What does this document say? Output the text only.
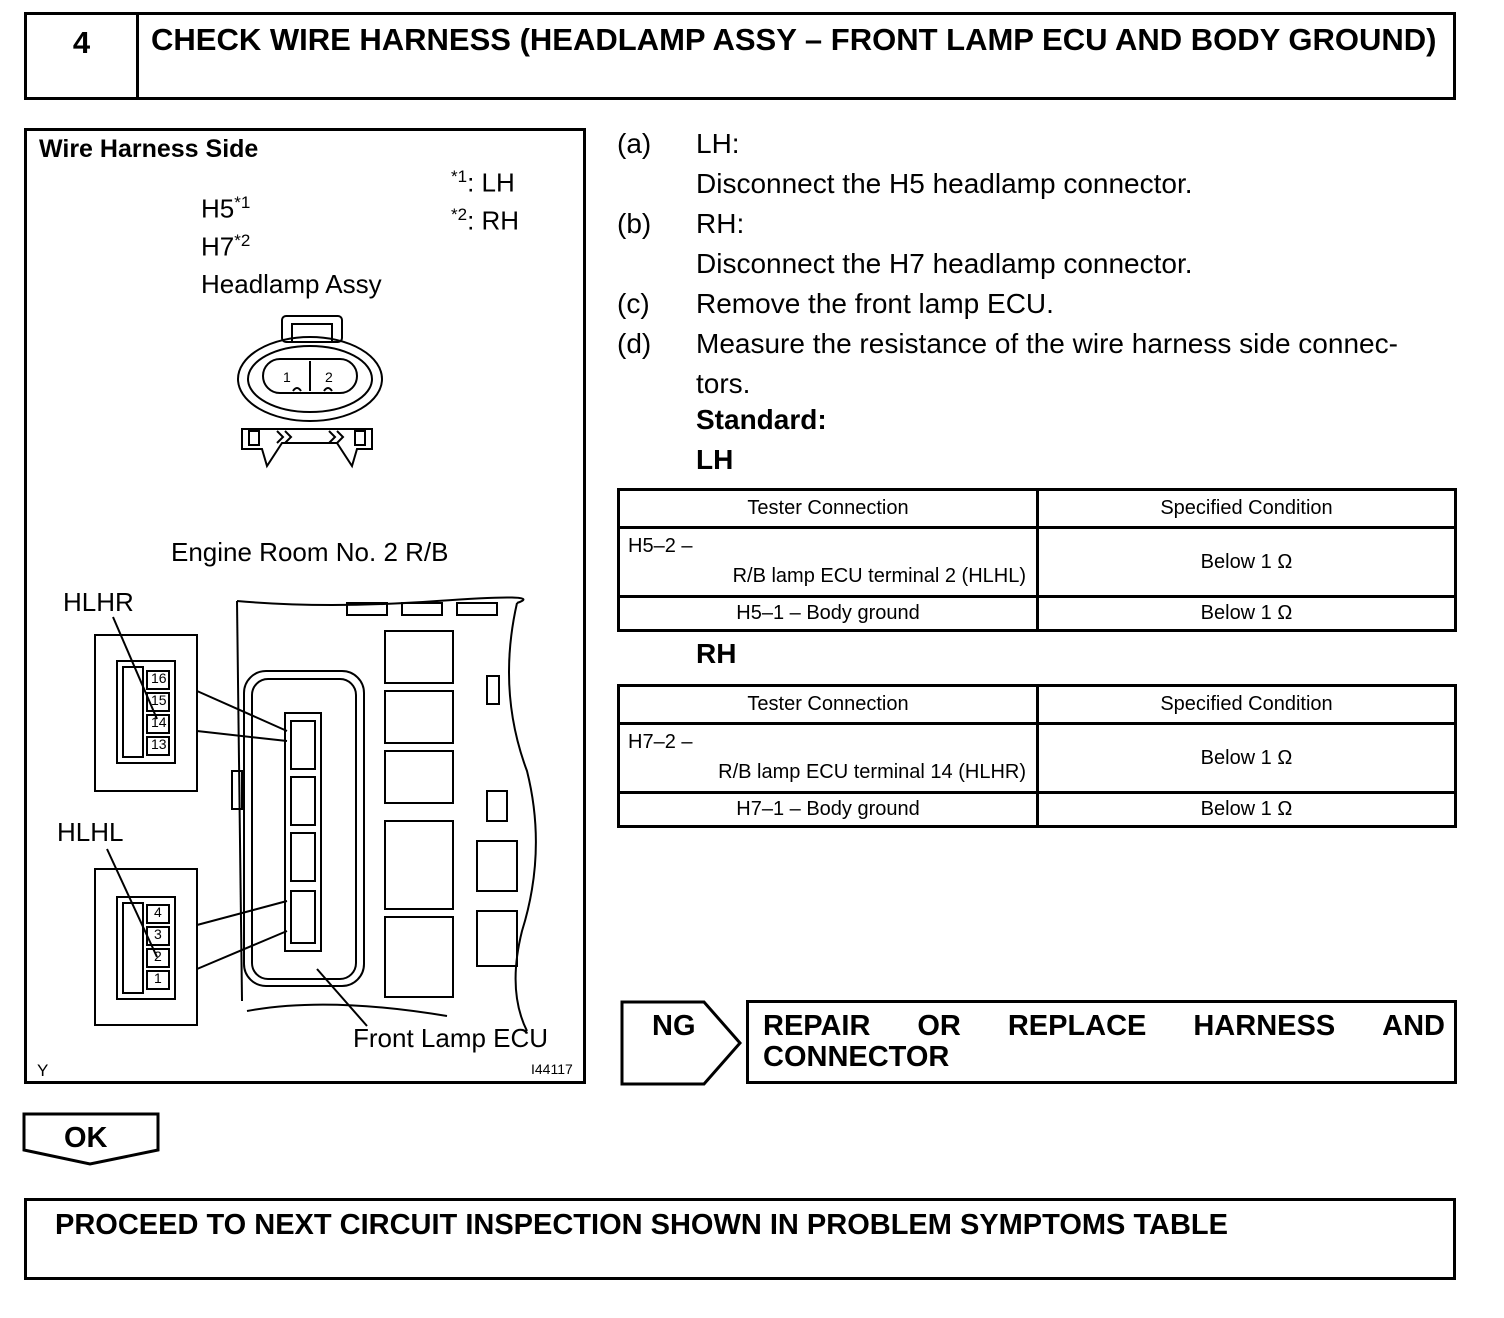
4	CHECK WIRE HARNESS (HEADLAMP ASSY – FRONT LAMP ECU AND BODY GROUND)
Wire Harness Side
$^{*1}$: LH
$^{*2}$: RH
H5$^{*1}$
H7$^{*2}$
Headlamp Assy
1 2
Engine Room No. 2 R/B
HLHR
HLHL
16
15
14
13
4
3
2
1
Front Lamp ECU
Y	I44117
(a) LH:
Disconnect the H5 headlamp connector.
(b) RH:
Disconnect the H7 headlamp connector.
(c) Remove the front lamp ECU.
(d) Measure the resistance of the wire harness side connec-
tors.
Standard:
LH
RH
Tester Connection	Specified Condition

H5–2 –
R/B lamp ECU terminal 2 (HLHL)	Below 1 Ω
H5–1 – Body ground	Below 1 Ω
Tester Connection	Specified Condition

H7–2 –
R/B lamp ECU terminal 14 (HLHR)	Below 1 Ω
H7–1 – Body ground	Below 1 Ω
NG REPAIR OR REPLACE HARNESS AND
CONNECTOR
OK
PROCEED TO NEXT CIRCUIT INSPECTION SHOWN IN PROBLEM SYMPTOMS TABLE
